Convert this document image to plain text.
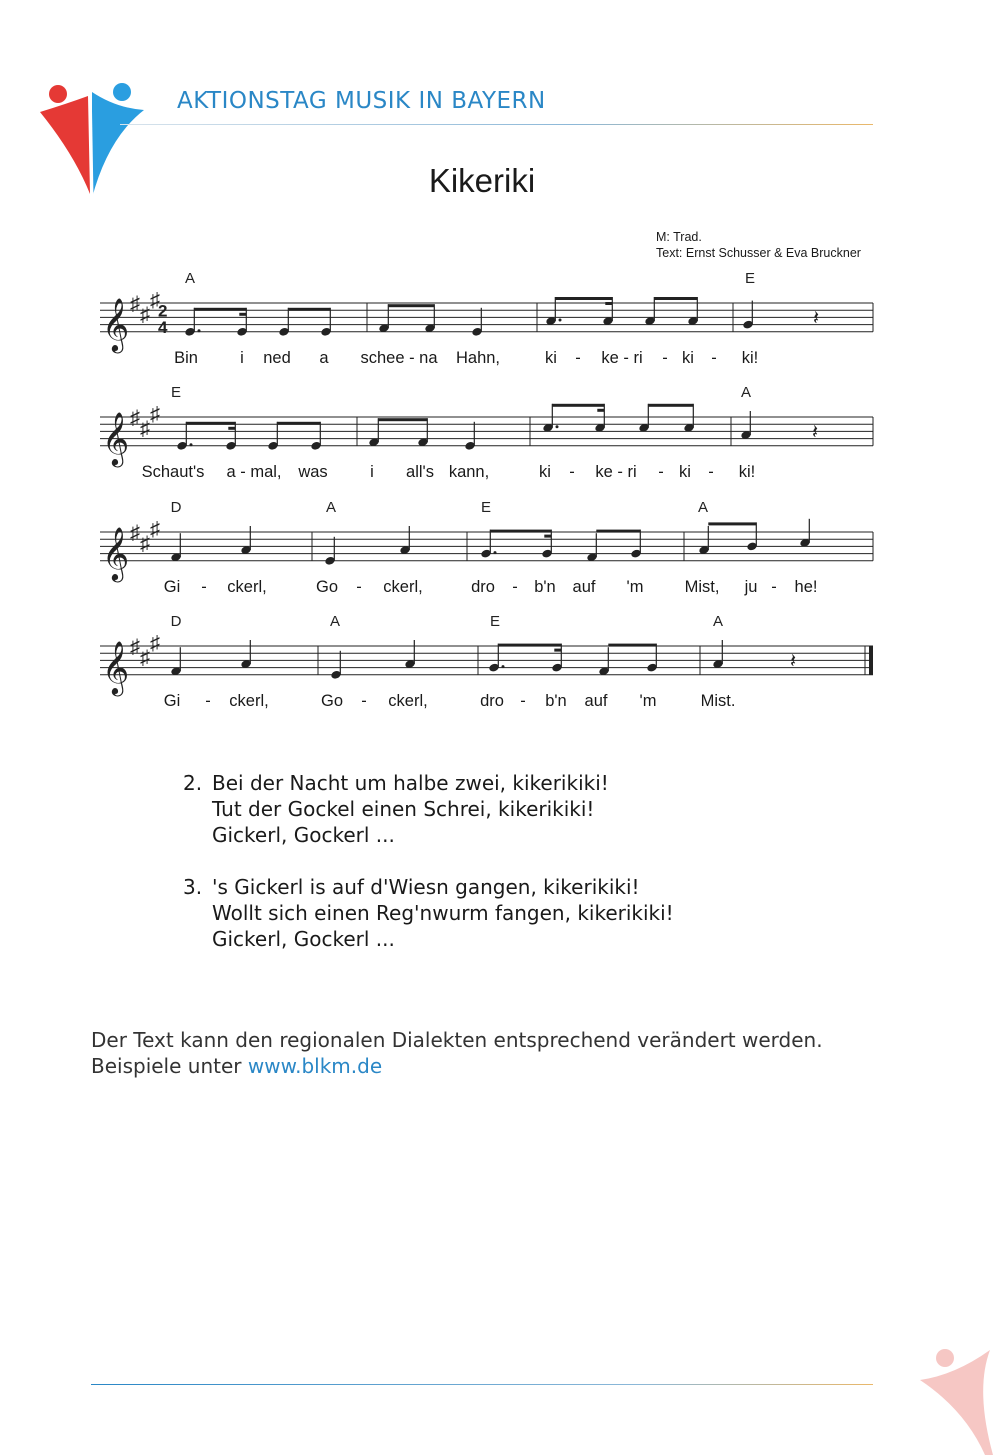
AKTIONSTAG MUSIK IN BAYERN
Kikeriki
M: Trad.
Text: Ernst Schusser & Eva Bruckner
𝄞 ♯ ♯
♯
2
4	𝄽
A	E
Bin	i ned a schee - na Hahn,	ki - ke - ri - ki - ki!
𝄞 ♯ ♯
♯
𝄽
E	A
Schaut's a - mal, was	i all's kann,	ki - ke - ri - ki - ki!
𝄞 ♯ ♯
♯
D	A	E	A
Gi - ckerl,	Go - ckerl,	dro - b'n auf 'm Mist, ju - he!
𝄞 ♯ ♯
♯
𝄽
D	A	E	A
Gi - ckerl,	Go - ckerl,	dro - b'n auf 'm	Mist.
2. Bei der Nacht um halbe zwei, kikerikiki!
Tut der Gockel einen Schrei, kikerikiki!
Gickerl, Gockerl ...
3. 's Gickerl is auf d'Wiesn gangen, kikerikiki!
Wollt sich einen Reg'nwurm fangen, kikerikiki!
Gickerl, Gockerl ...
Der Text kann den regionalen Dialekten entsprechend verändert werden.
Beispiele unter www.blkm.de
